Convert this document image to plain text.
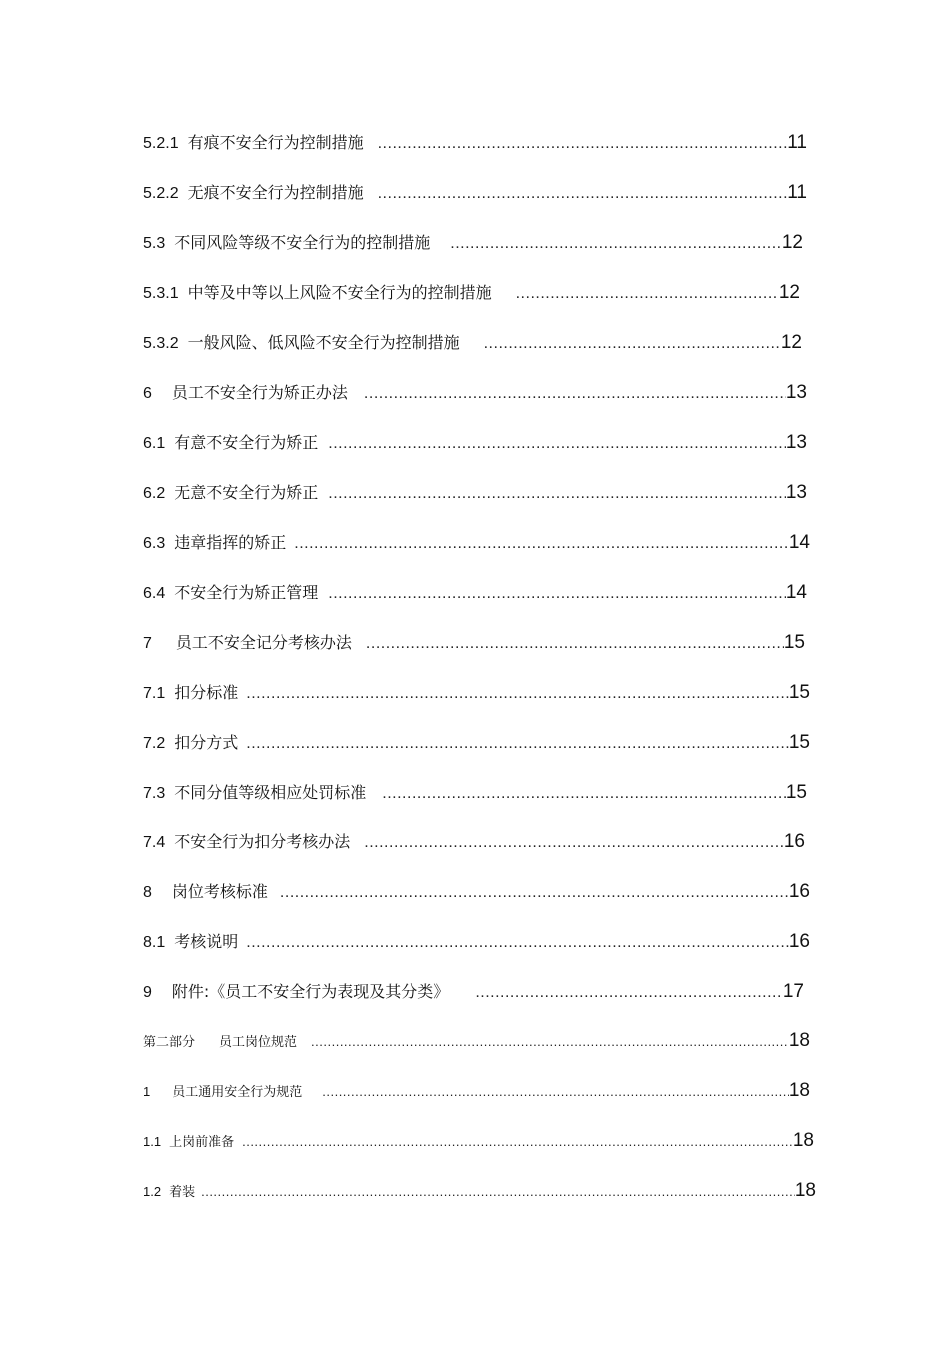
5.2.1 有痕不安全行为控制措施 .....	11
5.2.2 无痕不安全行为控制措施 .....	11
5.3 不同风险等级不安全行为的控制措施 .....	12
5.3.1 中等及中等以上风险不安全行为的控制措施 .....	12
5.3.2 一般风险、低风险不安全行为控制措施 .....	12
6 员工不安全行为矫正办法 .....	13
6.1 有意不安全行为矫正 .....	13
6.2 无意不安全行为矫正 .....	13
6.3 违章指挥的矫正 .....	14
6.4 不安全行为矫正管理 .....	14
7 员工不安全记分考核办法 .....	15
7.1 扣分标准 .....	15
7.2 扣分方式 .....	15
7.3 不同分值等级相应处罚标准 .....	15
7.4 不安全行为扣分考核办法 .....	16
8 岗位考核标准 .....	16
8.1 考核说明 .....	16
9 附件:《员工不安全行为表现及其分类》 .....	17
第二部分 员工岗位规范 .....	18
1 员工通用安全行为规范 .....	18
1.1 上岗前准备 .....	18
1.2 着装 .....	18
